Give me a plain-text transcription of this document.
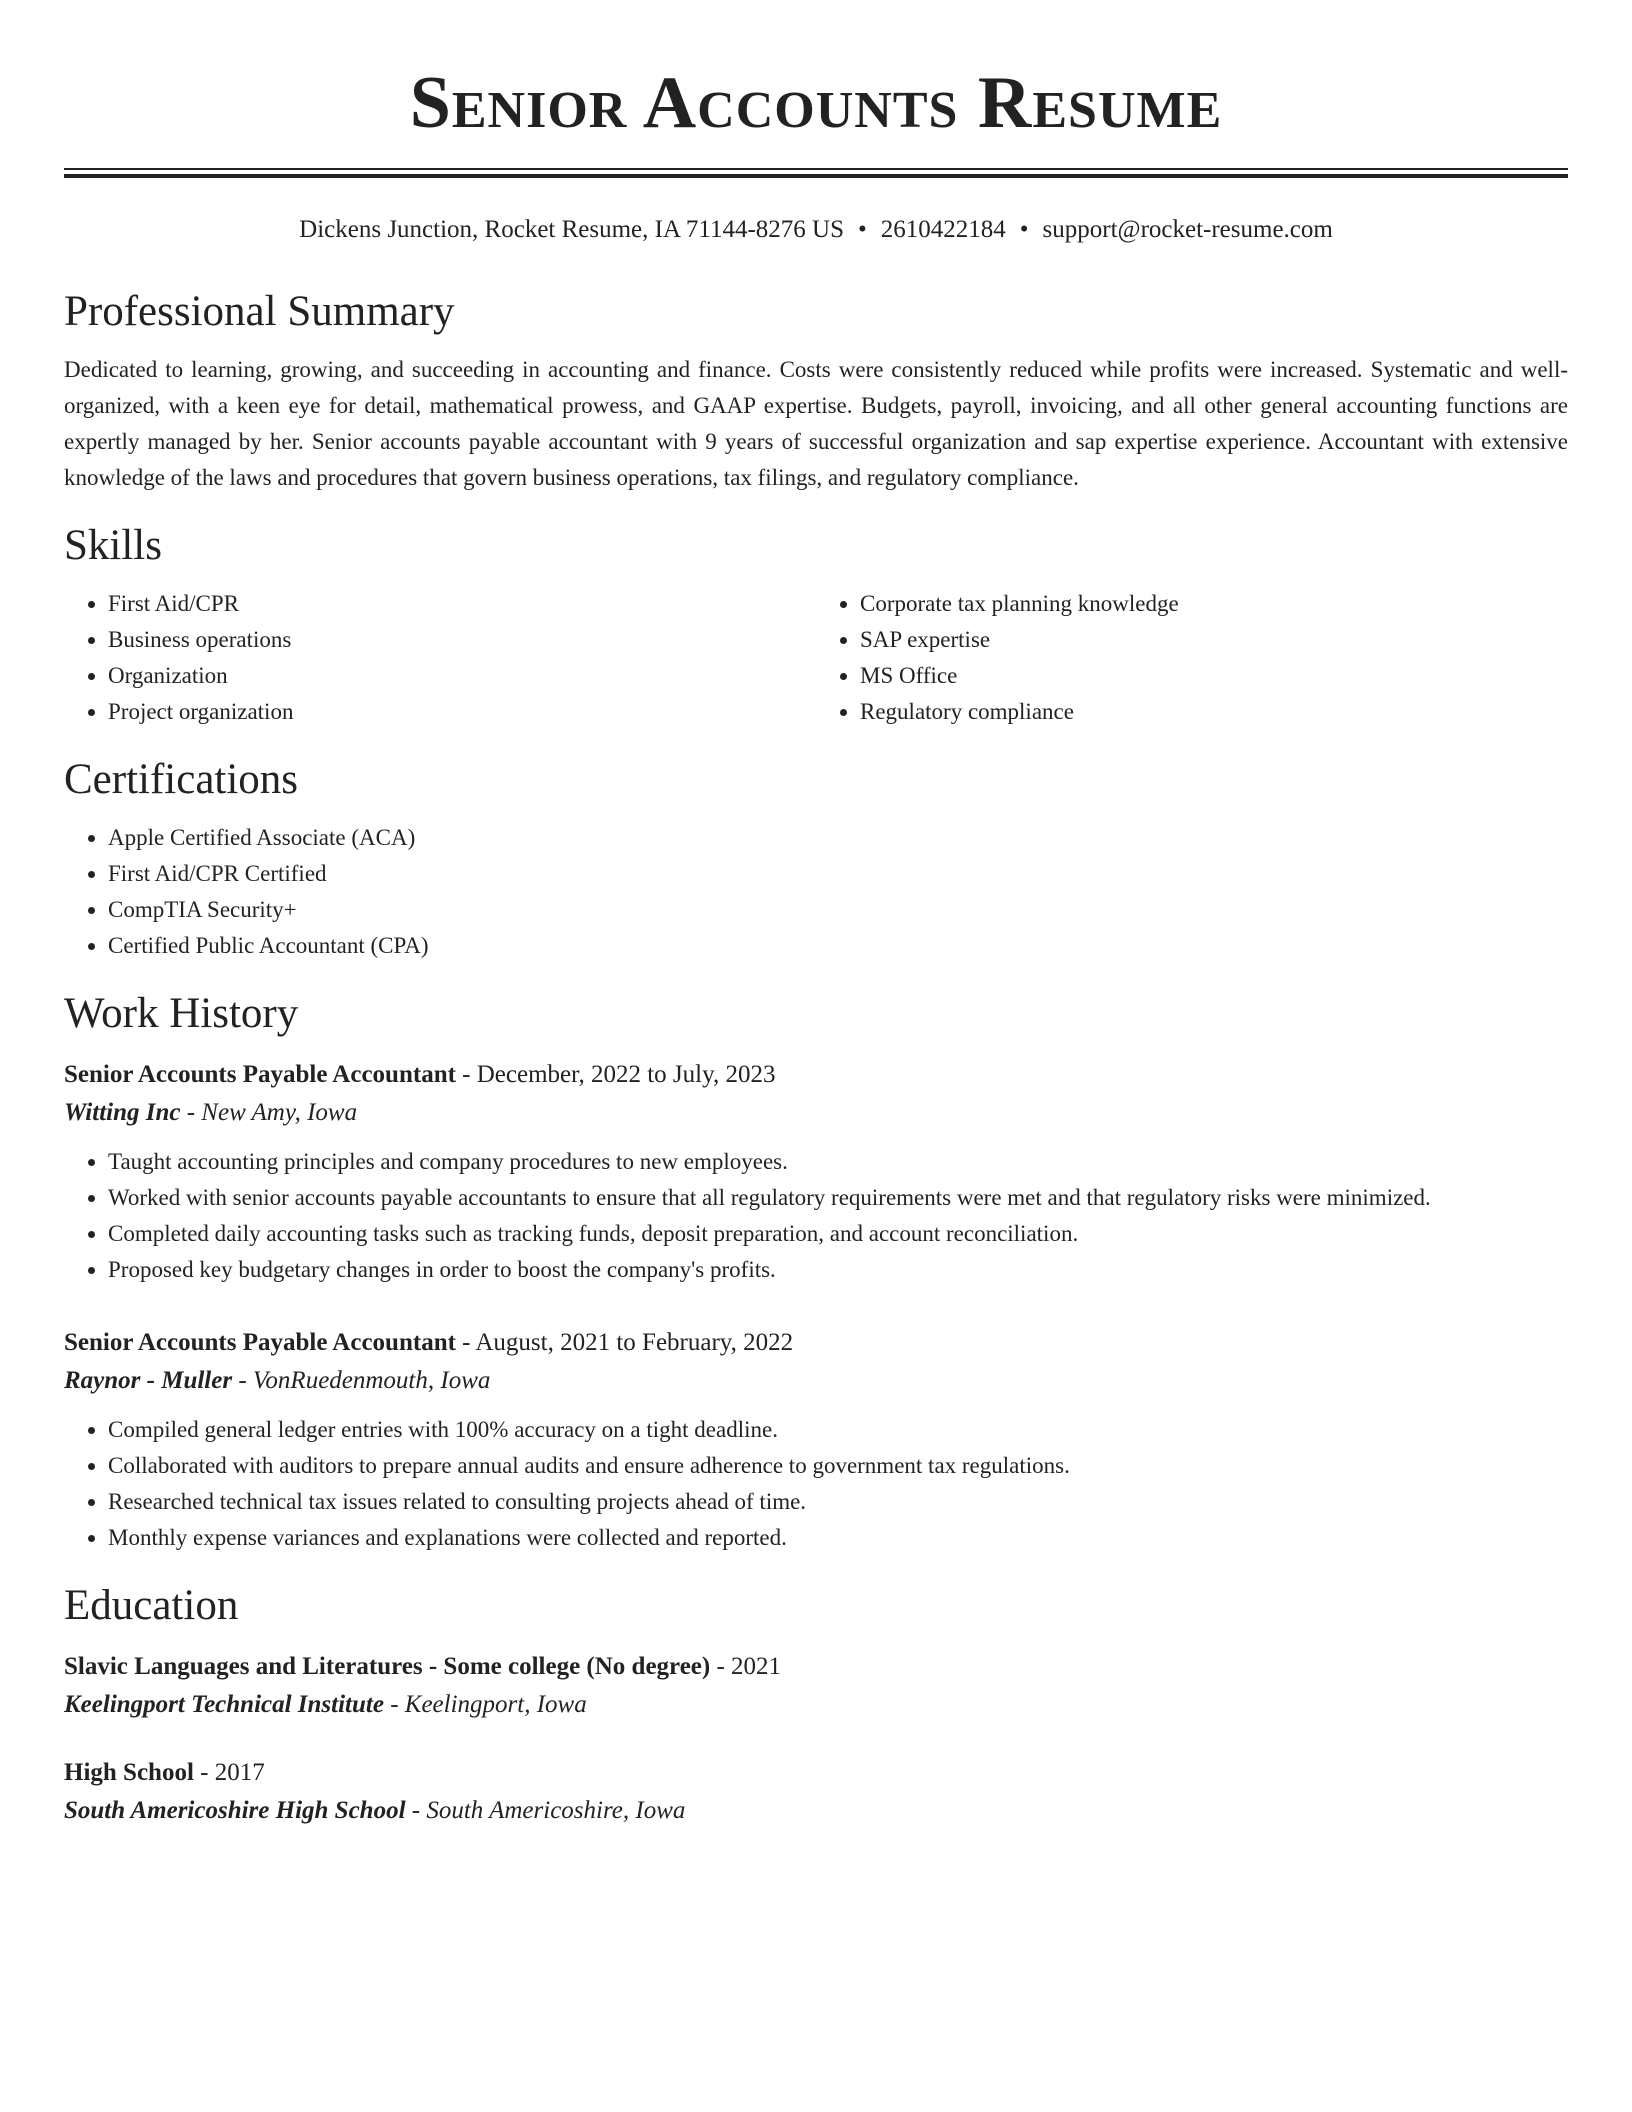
Senior Accounts Resume
Dickens Junction, Rocket Resume, IA 71144-8276 US • 2610422184 • support@rocket-resume.com
Professional Summary
Dedicated to learning, growing, and succeeding in accounting and finance. Costs were consistently reduced while profits were increased. Systematic and well-organized, with a keen eye for detail, mathematical prowess, and GAAP expertise. Budgets, payroll, invoicing, and all other general accounting functions are expertly managed by her. Senior accounts payable accountant with 9 years of successful organization and sap expertise experience. Accountant with extensive knowledge of the laws and procedures that govern business operations, tax filings, and regulatory compliance.
Skills
• First Aid/CPR
• Business operations
• Organization
• Project organization
• Corporate tax planning knowledge
• SAP expertise
• MS Office
• Regulatory compliance
Certifications
• Apple Certified Associate (ACA)
• First Aid/CPR Certified
• CompTIA Security+
• Certified Public Accountant (CPA)
Work History
Senior Accounts Payable Accountant - December, 2022 to July, 2023
Witting Inc - New Amy, Iowa
• Taught accounting principles and company procedures to new employees.
• Worked with senior accounts payable accountants to ensure that all regulatory requirements were met and that regulatory risks were minimized.
• Completed daily accounting tasks such as tracking funds, deposit preparation, and account reconciliation.
• Proposed key budgetary changes in order to boost the company's profits.
Senior Accounts Payable Accountant - August, 2021 to February, 2022
Raynor - Muller - VonRuedenmouth, Iowa
• Compiled general ledger entries with 100% accuracy on a tight deadline.
• Collaborated with auditors to prepare annual audits and ensure adherence to government tax regulations.
• Researched technical tax issues related to consulting projects ahead of time.
• Monthly expense variances and explanations were collected and reported.
Education
Slavic Languages and Literatures - Some college (No degree) - 2021
Keelingport Technical Institute - Keelingport, Iowa
High School - 2017
South Americoshire High School - South Americoshire, Iowa
